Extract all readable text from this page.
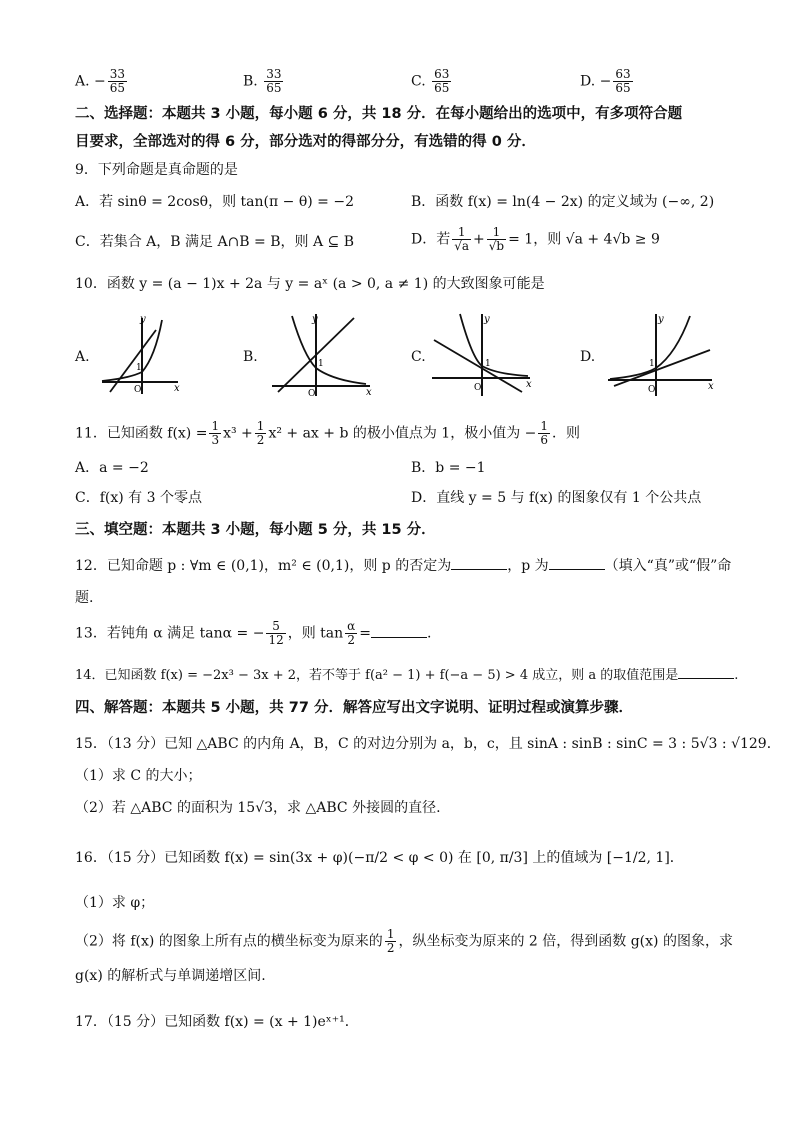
A. − $\frac{33}{65}$	B. $\frac{33}{65}$	C. $\frac{63}{65}$	D. − $\frac{63}{65}$
二、选择题：本题共 3 小题，每小题 6 分，共 18 分．在每小题给出的选项中，有多项符合题
目要求，全部选对的得 6 分，部分选对的得部分分，有选错的得 0 分．
9．下列命题是真命题的是
A．若 sinθ = 2cosθ，则 tan(π − θ) = −2	B．函数 f(x) = ln(4 − 2x) 的定义域为 (−∞, 2)
C．若集合 A，B 满足 A∩B = B，则 A ⊆ B	D．若 $\frac{1}{√a} + \frac{1}{√b} = 1$，则 √a + 4√b ≥ 9
10．函数 y = (a − 1)x + 2a 与 y = aˣ (a > 0, a ≠ 1) 的大致图象可能是
A.	B.	C.	D.
y
x
O
1
y
x
O
1
y
x
O
1
y
x
O
1
11．已知函数 $f(x) = \frac{1}{3} x^3 + \frac{1}{2} x^2$ + ax + b 的极小值点为 1，极小值为 − $\frac{1}{6}$ ．则
A．a = −2	B．b = −1
C．f(x) 有 3 个零点	D．直线 y = 5 与 f(x) 的图象仅有 1 个公共点
三、填空题：本题共 3 小题，每小题 5 分，共 15 分．
12．已知命题 p : ∀m ∈ (0,1)，m² ∈ (0,1)，则 p 的否定为	，p 为	（填入“真”或“假”命
题.
13．若钝角 α 满足 tanα = − $\frac{5}{12}$ ，则 $\tan \frac{\alpha}{2}$ =	.
14．已知函数 f(x) = −2x³ − 3x + 2，若不等于 f(a² − 1) + f(−a − 5) > 4 成立，则 a 的取值范围是	.
四、解答题：本题共 5 小题，共 77 分．解答应写出文字说明、证明过程或演算步骤．
15．（13 分）已知 △ABC 的内角 A，B，C 的对边分别为 a，b，c，且 sinA : sinB : sinC = 3 : 5√3 : √129．
（1）求 C 的大小；
（2）若 △ABC 的面积为 15√3，求 △ABC 外接圆的直径.
16．（15 分）已知函数 f(x) = sin(3x + φ)(−π/2 < φ < 0) 在 [0, π/3] 上的值域为 [−1/2, 1]．
（1）求 φ；
（2）将 f(x) 的图象上所有点的横坐标变为原来的 $\frac{1}{2}$ ，纵坐标变为原来的 2 倍，得到函数 g(x) 的图象，求
g(x) 的解析式与单调递增区间.
17．（15 分）已知函数 f(x) = (x + 1)eˣ⁺¹．
